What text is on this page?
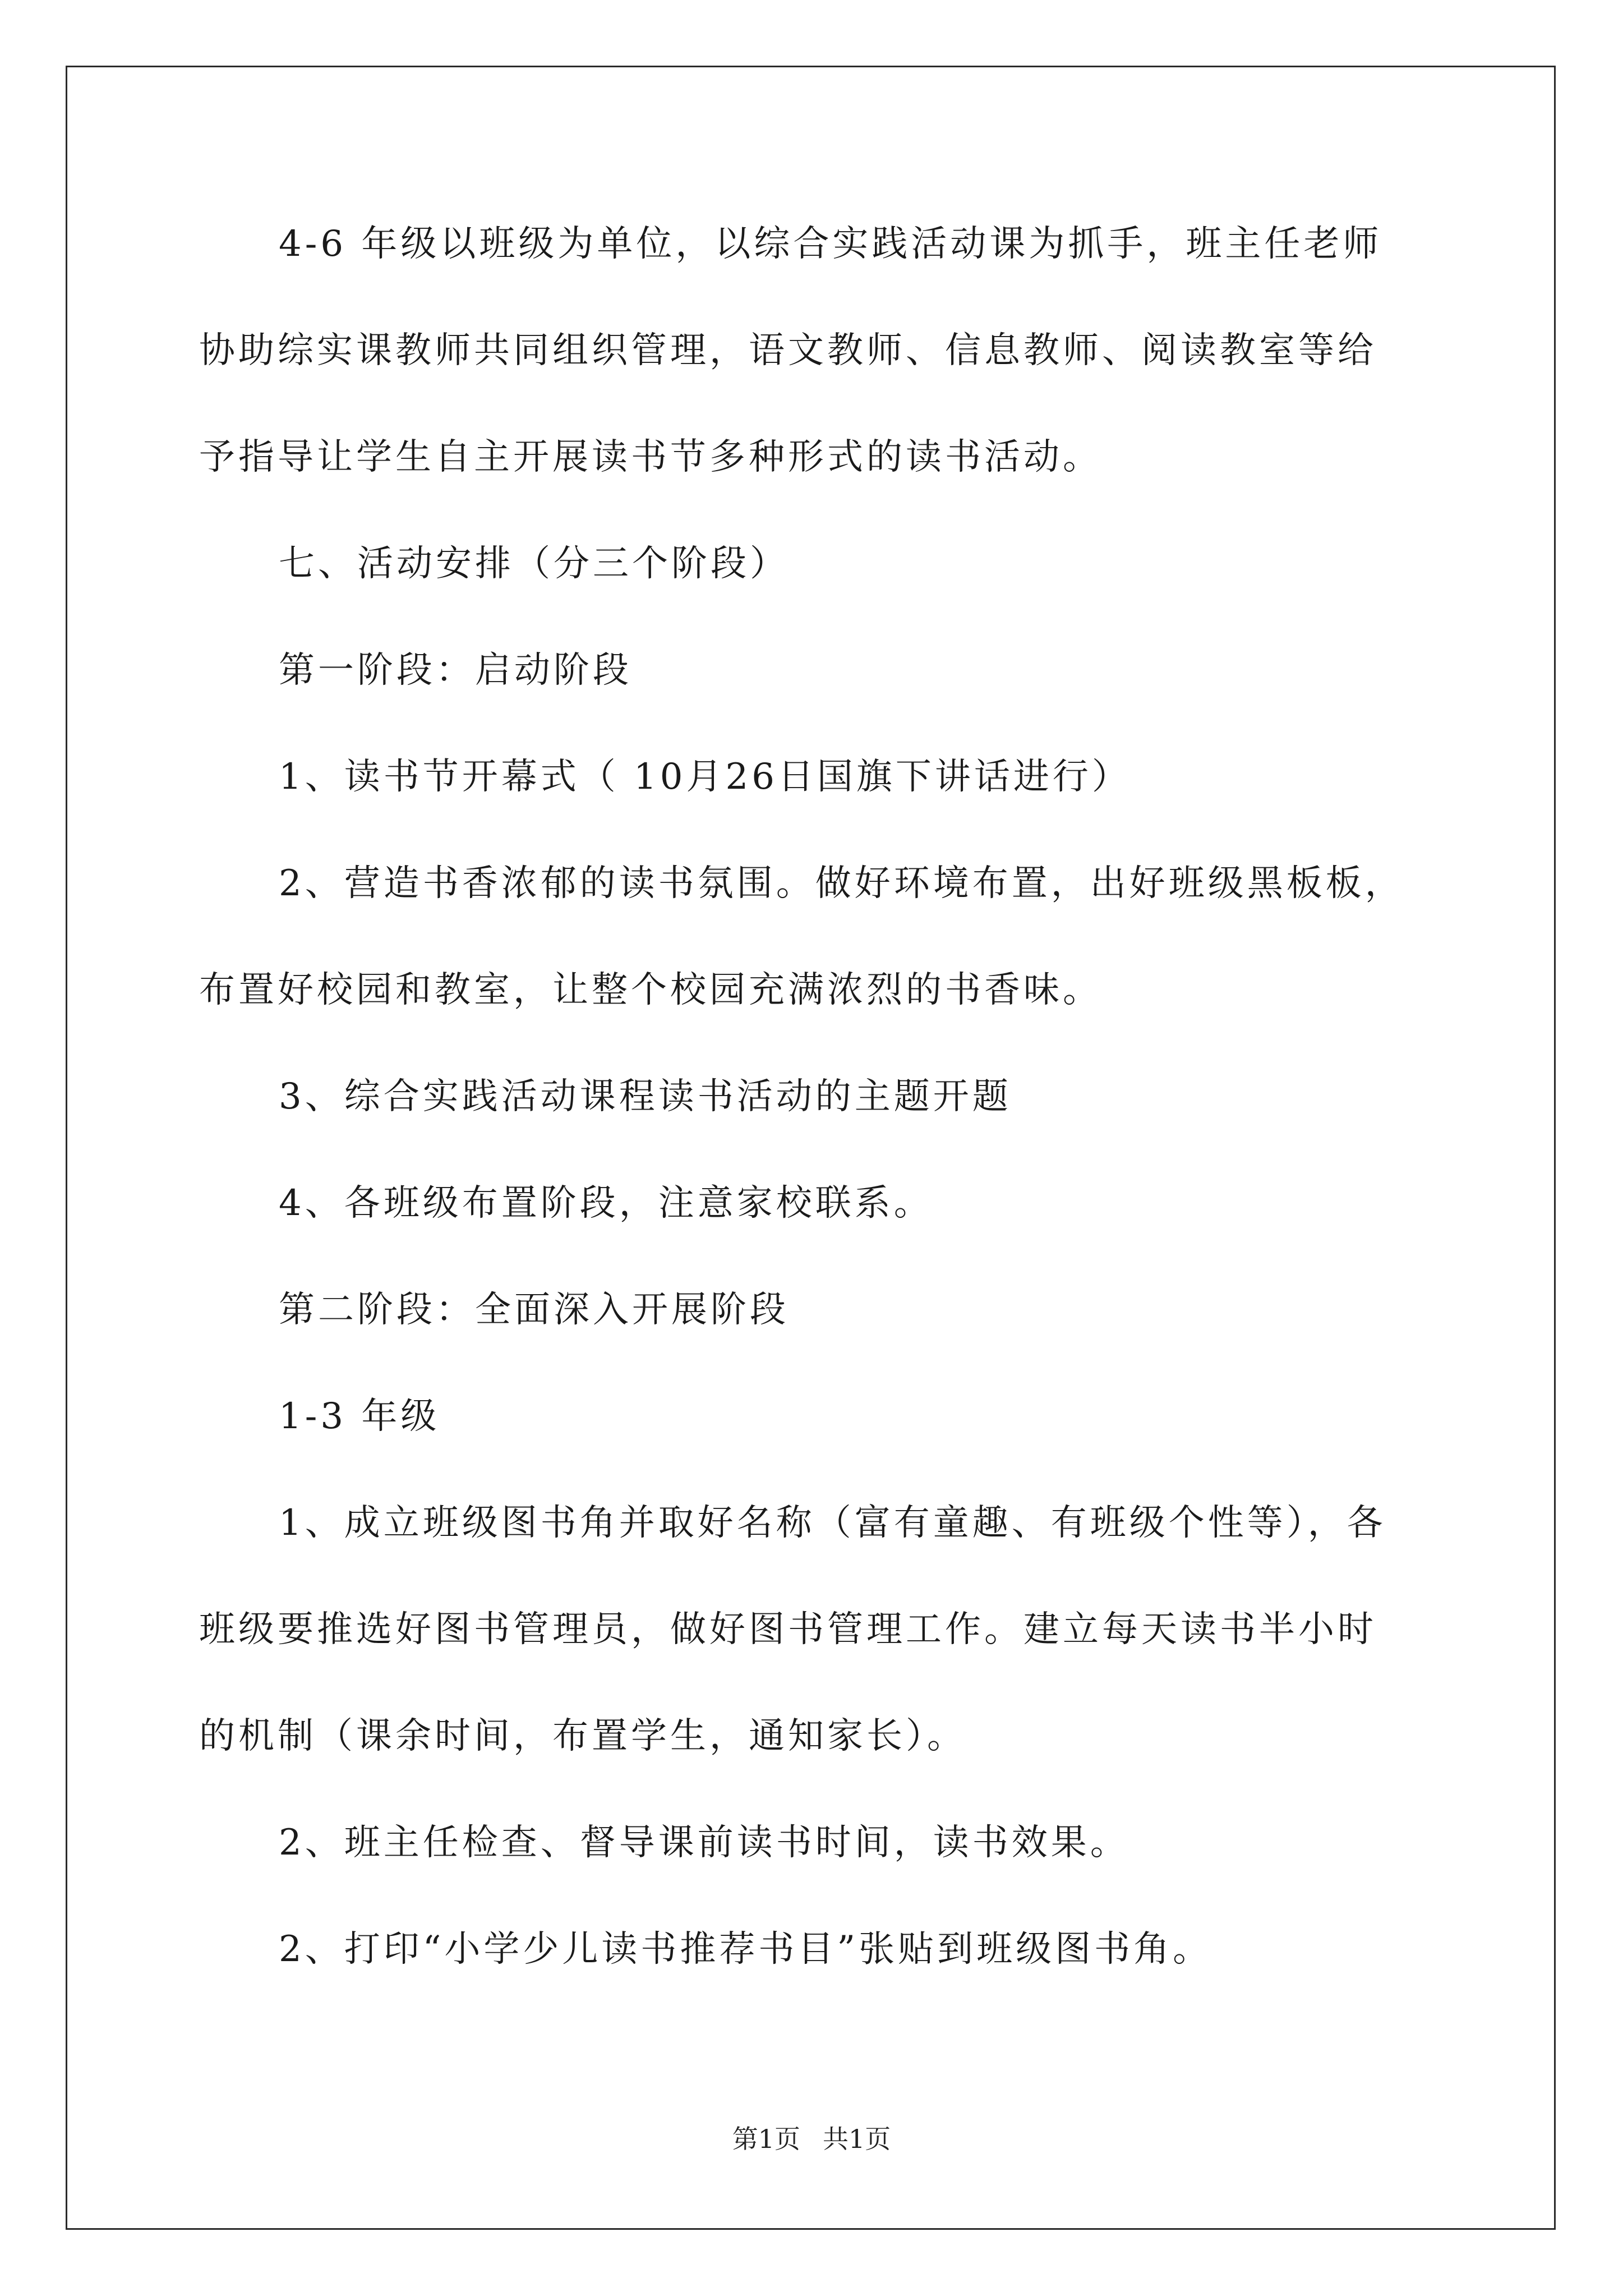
4-6 年级以班级为单位，以综合实践活动课为抓手，班主任老师
协助综实课教师共同组织管理，语文教师、信息教师、阅读教室等给
予指导让学生自主开展读书节多种形式的读书活动。
七、活动安排（分三个阶段）
第一阶段：启动阶段
1、读书节开幕式（ 10月26日国旗下讲话进行）
2、营造书香浓郁的读书氛围。做好环境布置，出好班级黑板板，
布置好校园和教室，让整个校园充满浓烈的书香味。
3、综合实践活动课程读书活动的主题开题
4、各班级布置阶段，注意家校联系。
第二阶段：全面深入开展阶段
1-3 年级
1、成立班级图书角并取好名称（富有童趣、有班级个性等），各
班级要推选好图书管理员，做好图书管理工作。建立每天读书半小时
的机制（课余时间，布置学生，通知家长）。
2、班主任检查、督导课前读书时间，读书效果。
2、打印“小学少儿读书推荐书目”张贴到班级图书角。
第1页 共1页
